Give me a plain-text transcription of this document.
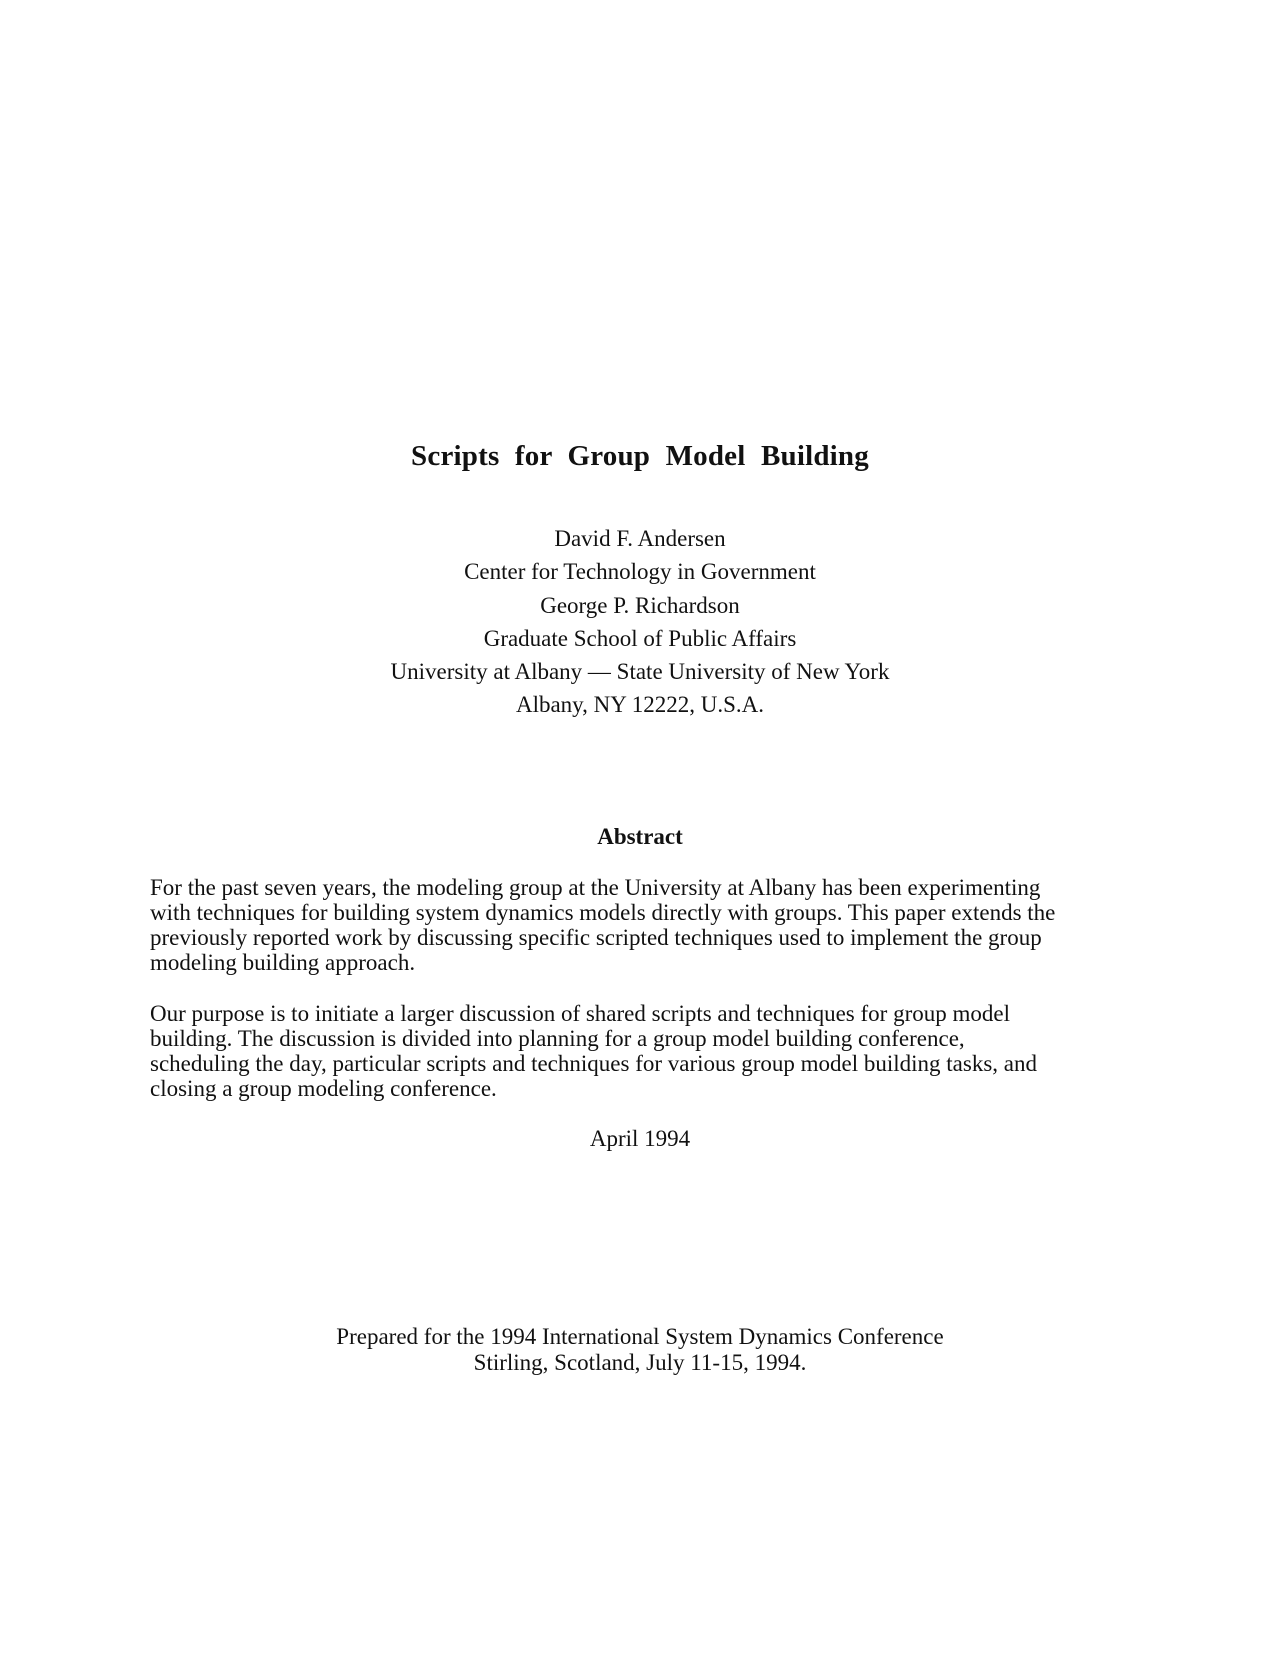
Scripts for Group Model Building
David F. Andersen
Center for Technology in Government
George P. Richardson
Graduate School of Public Affairs
University at Albany — State University of New York
Albany, NY 12222, U.S.A.
Abstract
For the past seven years, the modeling group at the University at Albany has been experimenting
with techniques for building system dynamics models directly with groups. This paper extends the
previously reported work by discussing specific scripted techniques used to implement the group
modeling building approach.
Our purpose is to initiate a larger discussion of shared scripts and techniques for group model
building. The discussion is divided into planning for a group model building conference,
scheduling the day, particular scripts and techniques for various group model building tasks, and
closing a group modeling conference.
April 1994
Prepared for the 1994 International System Dynamics Conference
Stirling, Scotland, July 11-15, 1994.
